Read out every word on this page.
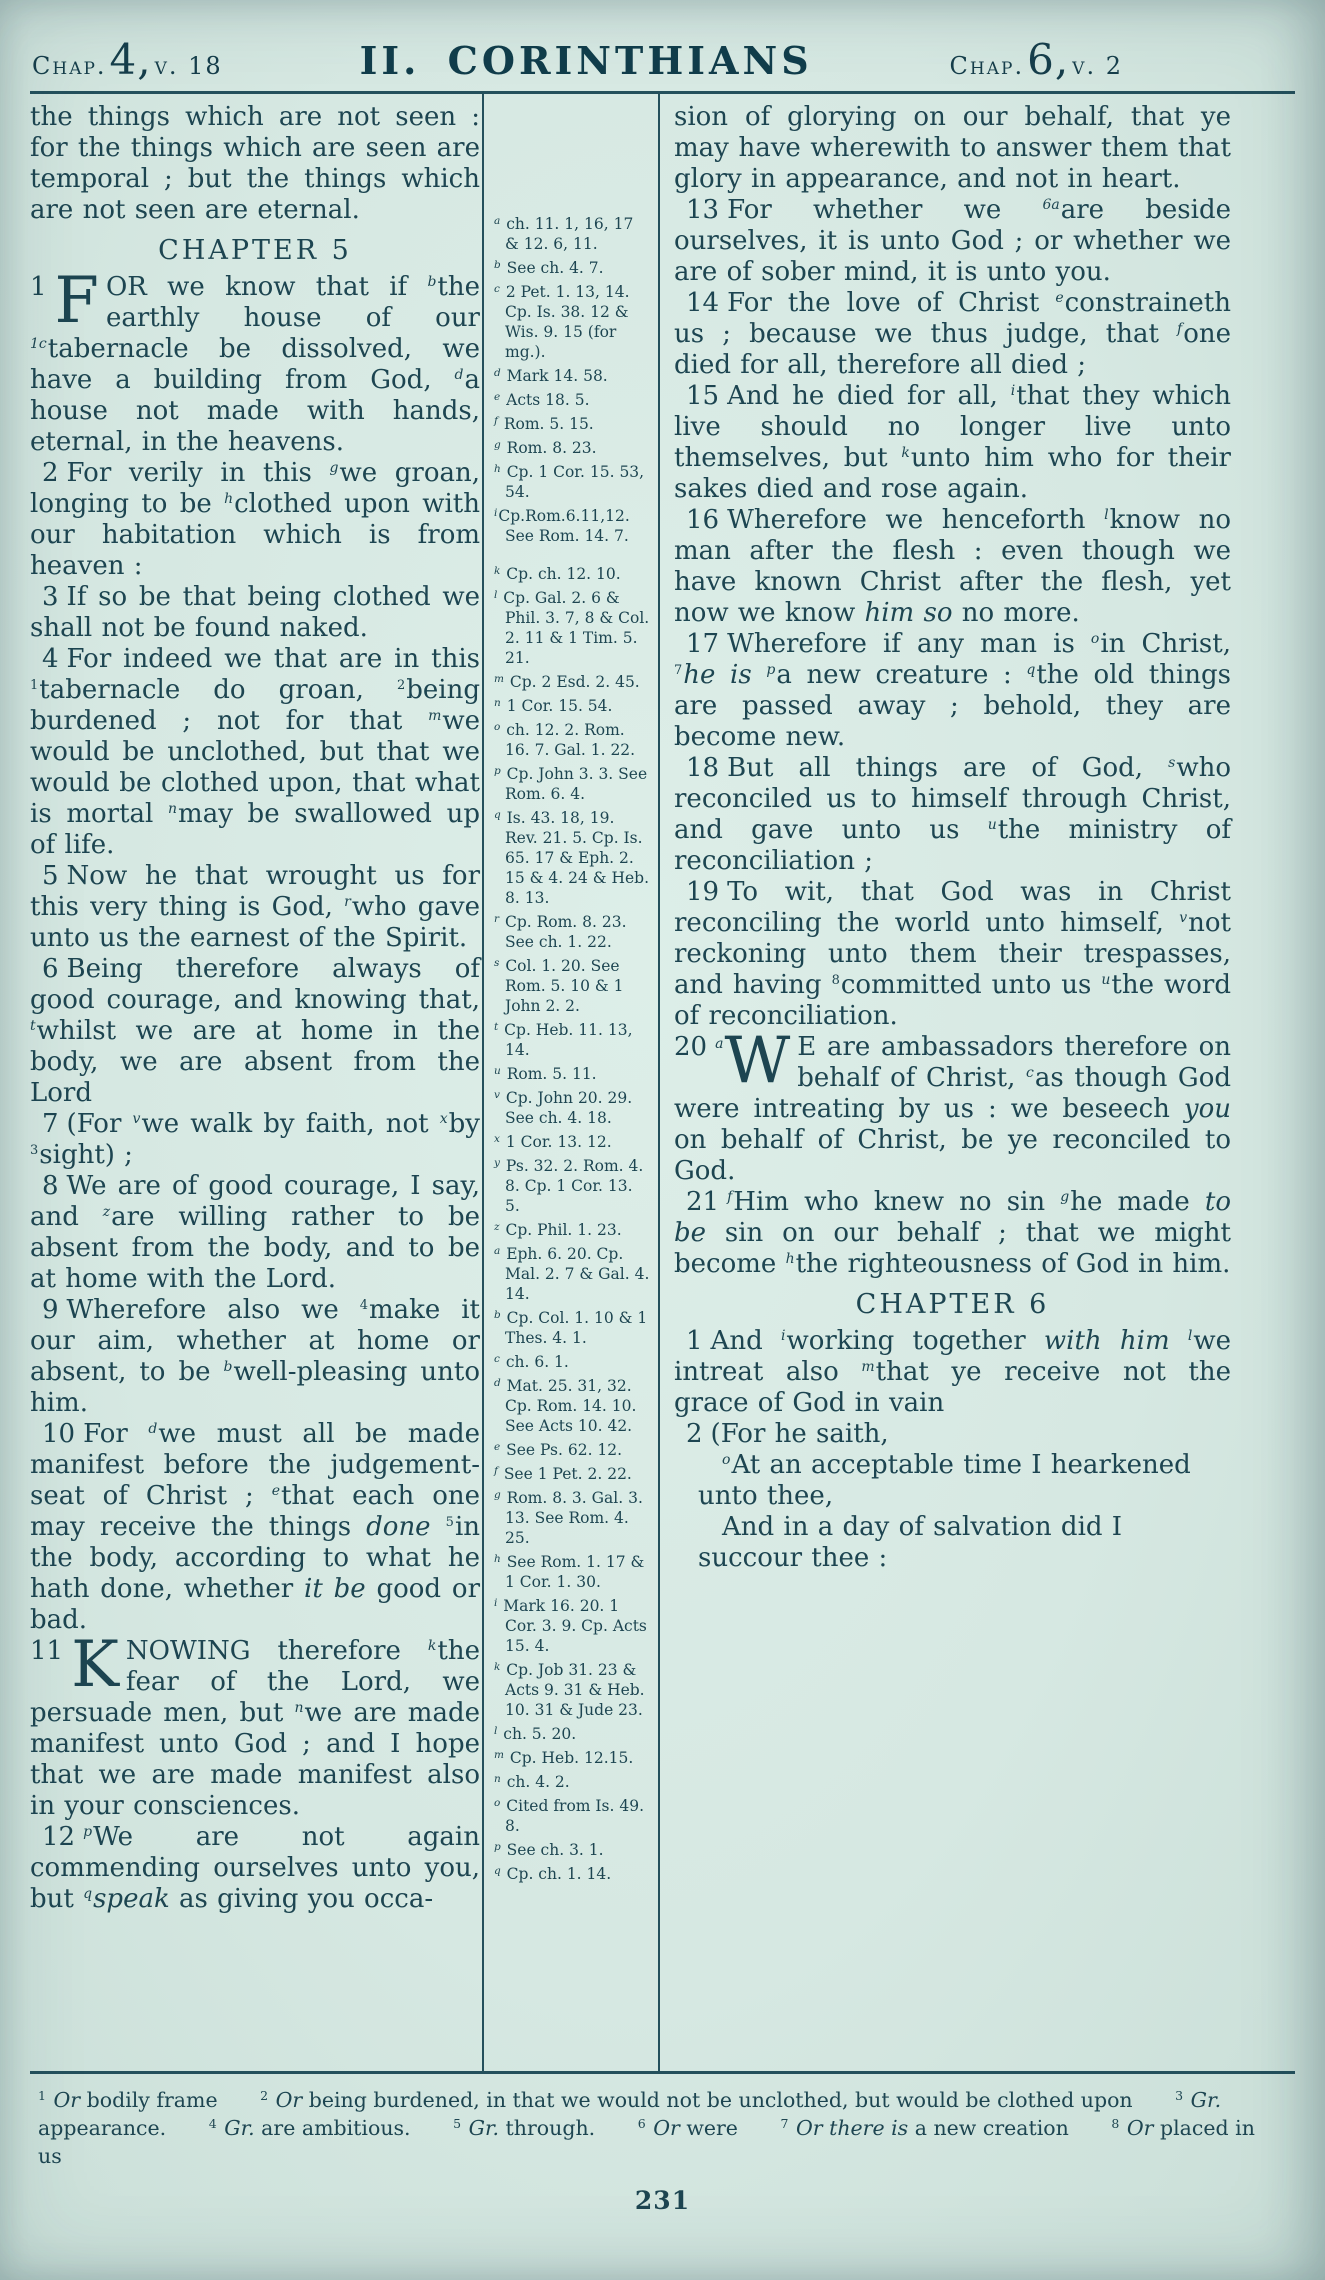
Chap.4, v. 18	II. CORINTHIANS	Chap.6, v. 2

the things which are not seen : for the things which are seen are temporal ; but the things which are not seen are eternal.

CHAPTER 5

1 F OR we know that if $^b$the earthly house of our $^{1c}$tabernacle be dissolved, we have a building from God, $^d$a house not made with hands, eternal, in the heavens.

2 For verily in this $^g$we groan, longing to be $^h$clothed upon with our habitation which is from heaven :

3 If so be that being clothed we shall not be found naked.

4 For indeed we that are in this $^1$tabernacle do groan, $^2$being burdened ; not for that $^m$we would be unclothed, but that we would be clothed upon, that what is mortal $^n$may be swallowed up of life.

5 Now he that wrought us for this very thing is God, $^r$who gave unto us the earnest of the Spirit.

6 Being therefore always of good courage, and knowing that, $^t$whilst we are at home in the body, we are absent from the Lord

7 (For $^v$we walk by faith, not $^x$by $^3$sight) ;

8 We are of good courage, I say, and $^z$are willing rather to be absent from the body, and to be at home with the Lord.

9 Wherefore also we $^4$make it our aim, whether at home or absent, to be $^b$well-pleasing unto him.

10 For $^d$we must all be made manifest before the judgement-seat of Christ ; $^e$that each one may receive the things done $^5$in the body, according to what he hath done, whether it be good or bad.

11 K NOWING therefore $^k$the fear of the Lord, we persuade men, but $^n$we are made manifest unto God ; and I hope that we are made manifest also in your consciences.

12 $^p$We are not again commending ourselves unto you, but $^q$speak as giving you occa-

$^a$ ch. 11. 1, 16, 17 & 12. 6, 11.
$^b$ See ch. 4. 7.
$^c$ 2 Pet. 1. 13, 14. Cp. Is. 38. 12 & Wis. 9. 15 (for mg.).
$^d$ Mark 14. 58.
$^e$ Acts 18. 5.
$^f$ Rom. 5. 15.
$^g$ Rom. 8. 23.
$^h$ Cp. 1 Cor. 15. 53, 54.
$^i$Cp.Rom.6.11,12. See Rom. 14. 7.
$^k$ Cp. ch. 12. 10.
$^l$ Cp. Gal. 2. 6 & Phil. 3. 7, 8 & Col. 2. 11 & 1 Tim. 5. 21.
$^m$ Cp. 2 Esd. 2. 45.
$^n$ 1 Cor. 15. 54.
$^o$ ch. 12. 2. Rom. 16. 7. Gal. 1. 22.
$^p$ Cp. John 3. 3. See Rom. 6. 4.
$^q$ Is. 43. 18, 19. Rev. 21. 5. Cp. Is. 65. 17 & Eph. 2. 15 & 4. 24 & Heb. 8. 13.
$^r$ Cp. Rom. 8. 23. See ch. 1. 22.
$^s$ Col. 1. 20. See Rom. 5. 10 & 1 John 2. 2.
$^t$ Cp. Heb. 11. 13, 14.
$^u$ Rom. 5. 11.
$^v$ Cp. John 20. 29. See ch. 4. 18.
$^x$ 1 Cor. 13. 12.
$^y$ Ps. 32. 2. Rom. 4. 8. Cp. 1 Cor. 13. 5.
$^z$ Cp. Phil. 1. 23.
$^a$ Eph. 6. 20. Cp. Mal. 2. 7 & Gal. 4. 14.
$^b$ Cp. Col. 1. 10 & 1 Thes. 4. 1.
$^c$ ch. 6. 1.
$^d$ Mat. 25. 31, 32. Cp. Rom. 14. 10. See Acts 10. 42.
$^e$ See Ps. 62. 12.
$^f$ See 1 Pet. 2. 22.
$^g$ Rom. 8. 3. Gal. 3. 13. See Rom. 4. 25.
$^h$ See Rom. 1. 17 & 1 Cor. 1. 30.
$^i$ Mark 16. 20. 1 Cor. 3. 9. Cp. Acts 15. 4.
$^k$ Cp. Job 31. 23 & Acts 9. 31 & Heb. 10. 31 & Jude 23.
$^l$ ch. 5. 20.
$^m$ Cp. Heb. 12.15.
$^n$ ch. 4. 2.
$^o$ Cited from Is. 49. 8.
$^p$ See ch. 3. 1.
$^q$ Cp. ch. 1. 14.

sion of glorying on our behalf, that ye may have wherewith to answer them that glory in appearance, and not in heart.

13 For whether we $^{6a}$are beside ourselves, it is unto God ; or whether we are of sober mind, it is unto you.

14 For the love of Christ $^e$constraineth us ; because we thus judge, that $^f$one died for all, therefore all died ;

15 And he died for all, $^i$that they which live should no longer live unto themselves, but $^k$unto him who for their sakes died and rose again.

16 Wherefore we henceforth $^l$know no man after the flesh : even though we have known Christ after the flesh, yet now we know him so no more.

17 Wherefore if any man is $^o$in Christ, $^7$he is $^p$a new creature : $^q$the old things are passed away ; behold, they are become new.

18 But all things are of God, $^s$who reconciled us to himself through Christ, and gave unto us $^u$the ministry of reconciliation ;

19 To wit, that God was in Christ reconciling the world unto himself, $^v$not reckoning unto them their trespasses, and having $^8$committed unto us $^u$the word of reconciliation.

20 a W E are ambassadors therefore on behalf of Christ, $^c$as though God were intreating by us : we beseech you on behalf of Christ, be ye reconciled to God.

21 $^f$Him who knew no sin $^g$he made to be sin on our behalf ; that we might become $^h$the righteousness of God in him.

CHAPTER 6

1 And $^i$working together with him $^l$we intreat also $^m$that ye receive not the grace of God in vain

2 (For he saith,

$^o$At an acceptable time I hearkened unto thee,

And in a day of salvation did I succour thee :

$^1$ Or bodily frame	$^2$ Or being burdened, in that we would not be unclothed, but would be clothed upon	$^3$ Gr. appearance.	$^4$ Gr. are ambitious.	$^5$ Gr. through.	$^6$ Or were	$^7$ Or there is a new creation	$^8$ Or placed in us
231
